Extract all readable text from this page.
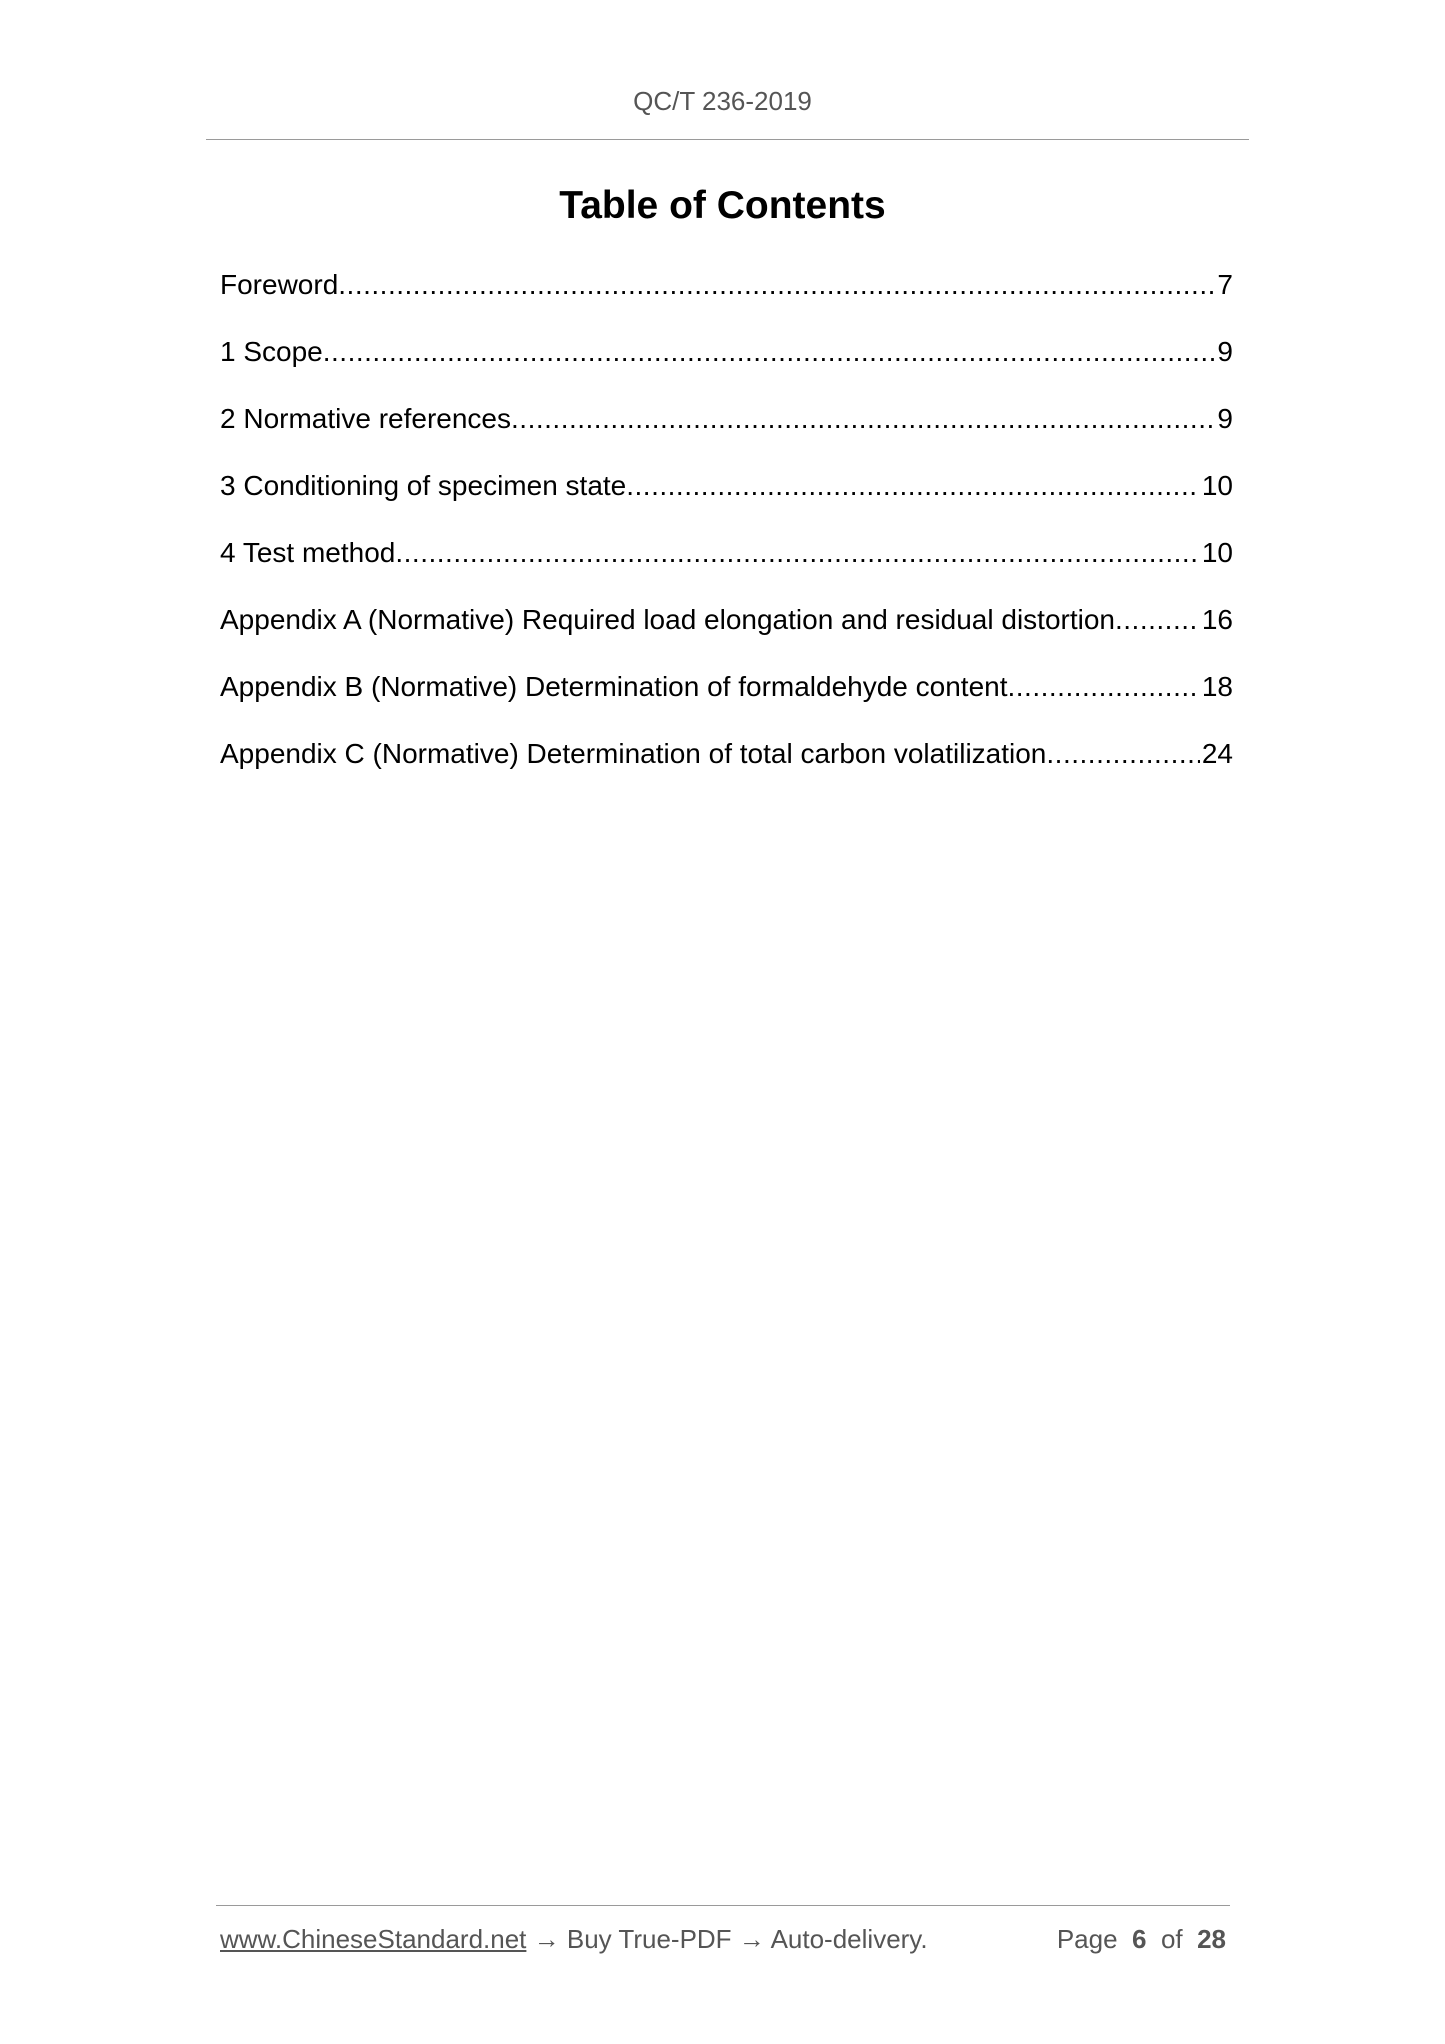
QC/T 236-2019
Table of Contents
Foreword .....	7
1 Scope .....	9
2 Normative references .....	9
3 Conditioning of specimen state .....	10
4 Test method .....	10
Appendix A (Normative) Required load elongation and residual distortion .....	16
Appendix B (Normative) Determination of formaldehyde content .....	18
Appendix C (Normative) Determination of total carbon volatilization .....	24
www.ChineseStandard.net → Buy True-PDF → Auto-delivery.	Page 6 of 28
